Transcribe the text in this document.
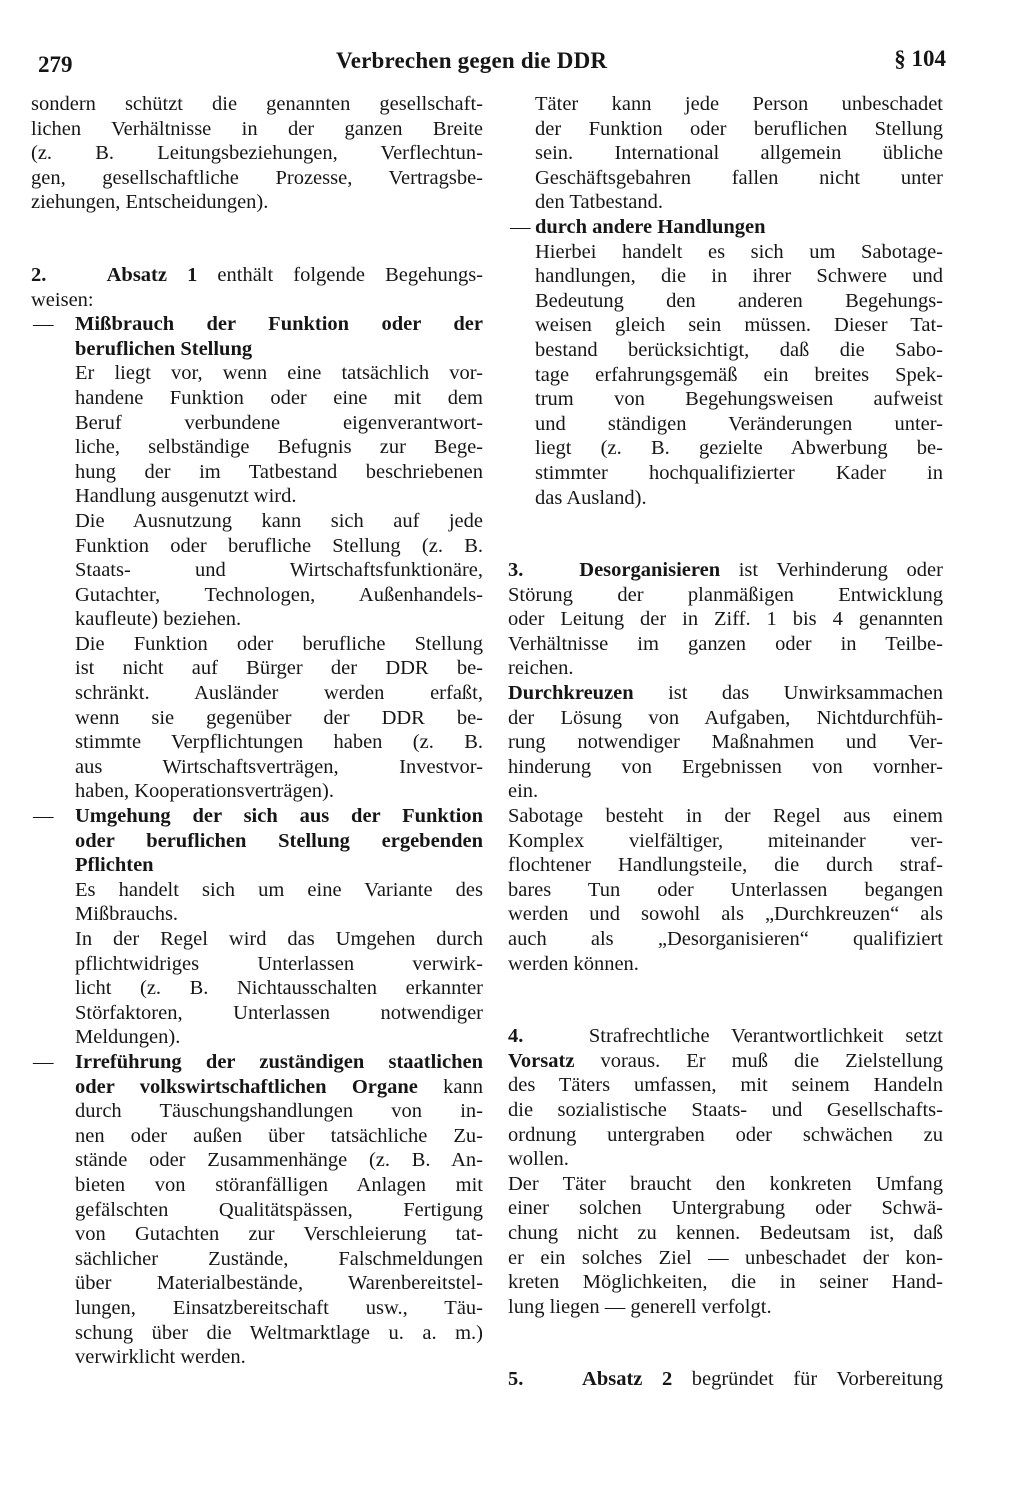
279	Verbrechen gegen die DDR	§ 104
sondern schützt die genannten gesellschaft-
lichen Verhältnisse in der ganzen Breite
(z. B. Leitungsbeziehungen, Verflechtun-
gen, gesellschaftliche Prozesse, Vertragsbe-
ziehungen, Entscheidungen).
2.	Absatz 1 enthält folgende Begehungs-
weisen:
—	Mißbrauch der Funktion oder der
beruflichen Stellung
Er liegt vor, wenn eine tatsächlich vor-
handene Funktion oder eine mit dem
Beruf verbundene eigenverantwort-
liche, selbständige Befugnis zur Bege-
hung der im Tatbestand beschriebenen
Handlung ausgenutzt wird.
Die Ausnutzung kann sich auf jede
Funktion oder berufliche Stellung (z. B.
Staats- und Wirtschaftsfunktionäre,
Gutachter, Technologen, Außenhandels-
kaufleute) beziehen.
Die Funktion oder berufliche Stellung
ist nicht auf Bürger der DDR be-
schränkt. Ausländer werden erfaßt,
wenn sie gegenüber der DDR be-
stimmte Verpflichtungen haben (z. B.
aus Wirtschaftsverträgen, Investvor-
haben, Kooperationsverträgen).
—	Umgehung der sich aus der Funktion
oder beruflichen Stellung ergebenden
Pflichten
Es handelt sich um eine Variante des
Mißbrauchs.
In der Regel wird das Umgehen durch
pflichtwidriges Unterlassen verwirk-
licht (z. B. Nichtausschalten erkannter
Störfaktoren, Unterlassen notwendiger
Meldungen).
—	Irreführung der zuständigen staatlichen
oder volkswirtschaftlichen Organe kann
durch Täuschungshandlungen von in-
nen oder außen über tatsächliche Zu-
stände oder Zusammenhänge (z. B. An-
bieten von störanfälligen Anlagen mit
gefälschten Qualitätspässen, Fertigung
von Gutachten zur Verschleierung tat-
sächlicher Zustände, Falschmeldungen
über Materialbestände, Warenbereitstel-
lungen, Einsatzbereitschaft usw., Täu-
schung über die Weltmarktlage u. a. m.)
verwirklicht werden.
Täter kann jede Person unbeschadet
der Funktion oder beruflichen Stellung
sein. International allgemein übliche
Geschäftsgebahren fallen nicht unter
den Tatbestand.
— durch andere Handlungen
Hierbei handelt es sich um Sabotage-
handlungen, die in ihrer Schwere und
Bedeutung den anderen Begehungs-
weisen gleich sein müssen. Dieser Tat-
bestand berücksichtigt, daß die Sabo-
tage erfahrungsgemäß ein breites Spek-
trum von Begehungsweisen aufweist
und ständigen Veränderungen unter-
liegt (z. B. gezielte Abwerbung be-
stimmter hochqualifizierter Kader in
das Ausland).
3.	Desorganisieren ist Verhinderung oder
Störung der planmäßigen Entwicklung
oder Leitung der in Ziff. 1 bis 4 genannten
Verhältnisse im ganzen oder in Teilbe-
reichen.
Durchkreuzen ist das Unwirksammachen
der Lösung von Aufgaben, Nichtdurchfüh-
rung notwendiger Maßnahmen und Ver-
hinderung von Ergebnissen von vornher-
ein.
Sabotage besteht in der Regel aus einem
Komplex vielfältiger, miteinander ver-
flochtener Handlungsteile, die durch straf-
bares Tun oder Unterlassen begangen
werden und sowohl als „Durchkreuzen“ als
auch als „Desorganisieren“ qualifiziert
werden können.
4.	Strafrechtliche Verantwortlichkeit setzt
Vorsatz voraus. Er muß die Zielstellung
des Täters umfassen, mit seinem Handeln
die sozialistische Staats- und Gesellschafts-
ordnung untergraben oder schwächen zu
wollen.
Der Täter braucht den konkreten Umfang
einer solchen Untergrabung oder Schwä-
chung nicht zu kennen. Bedeutsam ist, daß
er ein solches Ziel — unbeschadet der kon-
kreten Möglichkeiten, die in seiner Hand-
lung liegen — generell verfolgt.
5.	Absatz 2 begründet für Vorbereitung
